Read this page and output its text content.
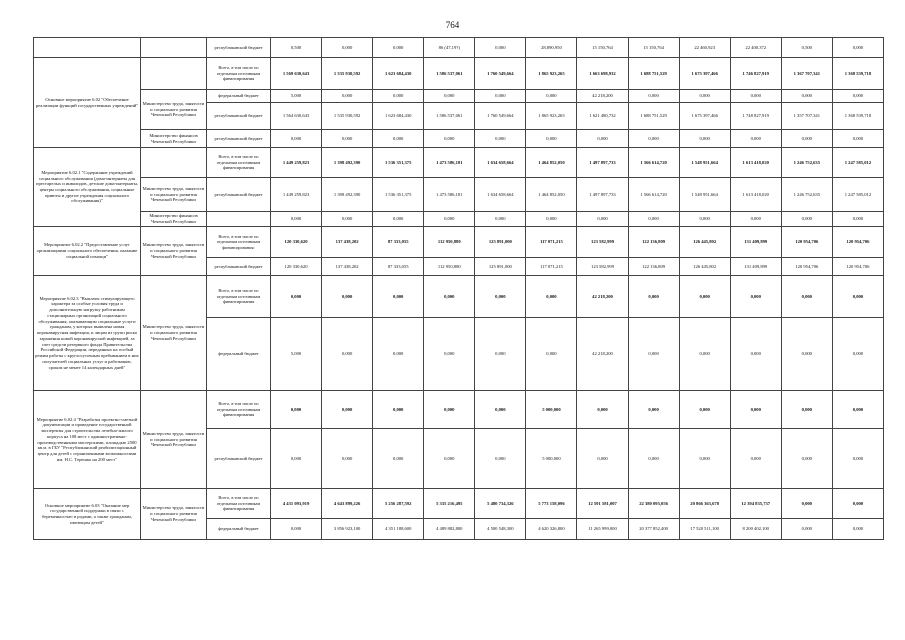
764
		республиканский бюджет	0,500	0,000	0,000	86 (47,19?)	0,000	28,890,950	15 150,764	15 150,764	22 460,923	22 400,372	0,500	0,000
Основное мероприятие 6.02 "Обеспечение реализации функций государственных учреждений"		Всего, в том числе по отдельным источникам финансирования	1 569 630,643	1 535 930,592	1 623 684,430	1 586 537,061	1 760 549,664	1 865 923,265	1 663 698,932	1 688 751,529	1 675 397,466	1 746 827,919	1 367 707,341	1 368 539,718
	Министерство труда, занятости и социального развития Чеченской Республики	федеральный бюджет	5,000	0,000	0,000	0,000	0,000	0,000	42 218,200	0,000	0,000	0,000	0,000	0,000
		республиканский бюджет	1 564 630,643	1 535 930,592	1 623 684,430	1 586 537,061	1 760 549,664	1 865 923,265	1 621 480,732	1 688 751,529	1 675 397,466	1 748 827,919	1 357 707,341	1 368 539,718
	Министерство финансов Чеченской Республики	республиканский бюджет	0,000	0,000	0,000	0,000	0,000	0,000	0,000	0,000	0,000	0,000	0,000	0,000
Мероприятие 6.02.1 "Содержание учреждений социального обслуживания (дома-интернаты для престарелых и инвалидов, детские дома-интернаты, центры социального обслуживания, социальные приюты и другие учреждения социального обслуживания)"		Всего, в том числе по отдельным источникам финансирования	1 449 259,823	1 398 492,390	1 536 351,375	1 473 586,181	1 634 658,664	1 464 852,050	1 497 897,733	1 566 614,720	1 548 951,664	1 613 418,020	1 246 752,635	1 247 585,012
	Министерство труда, занятости и социального развития Чеченской Республики	республиканский бюджет	1 449 259,823	1 398 492,390	1 536 351,375	1 473 586,181	1 634 658,664	1 464 852,050	1 497 897,733	1 566 614,720	1 548 951,664	1 613 418,020	1 246 752,635	1 247 585,012
	Министерство финансов Чеченской Республики		0,000	0,000	0,000	0,000	0,000	0,000	0,000	0,000	0,000	0,000	0,000	0,000
Мероприятие 6.02.2 "Предоставление услуг организациями социального обеспечения, оказание социальной помощи"	Министерство труда, занятости и социального развития Чеченской Республики	Всего, в том числе по отдельным источникам финансирования:	120 330,620	137 438,202	87 333,055	112 950,880	125 891,000	117 071,215	123 582,999	122 136,809	126 445,802	131 409,899	120 954,706	120 954,706
		республиканский бюджет	120 330,620	137 438,202	87 333,055	112 950,880	125 891,000	117 071,215	123 582,999	122 136,809	126 445,802	131 409,899	120 954,706	120 954,706
Мероприятие 6.02.3 "Выплаты стимулирующего характера за особые условия труда и дополнительную нагрузку работникам стационарных организаций социального обслуживания, оказывающим социальные услуги гражданам, у которых выявлена новая коронавирусная инфекция, и лицам из групп риска заражения новой коронавирусной инфекцией, за счет средств резервного фонда Правительства Российской Федерации, переданных на особый режим работы с круглосуточным пребыванием в них получателей социальных услуг и работников, сроком не менее 14 календарных дней"	Министерство труда, занятости и социального развития Чеченской Республики	Всего, в том числе по отдельным источникам финансирования	0,000	0,000	0,000	0,000	0,000	0,000	42 218,200	0,000	0,000	0,000	0,000	0,000
		федеральный бюджет	5,000	0,000	0,000	0,000	0,000	0,000	42 218,200	0,000	0,000	0,000	0,000	0,000
Мероприятие 6.02.4 "Разработка проектно-сметной документации и проведение государственной экспертизы для строительства лечебно-жилого корпуса на 108 мест с административно-производственными мастерскими, площадью 2500 кв.м. в ГБУ "Республиканский реабилитационный центр для детей с ограниченными возможностями им. Н.С. Терешко на 200 мест"	Министерство труда, занятости и социального развития Чеченской Республики	Всего, в том числе по отдельным источникам финансирования	0,000	0,000	0,000	0,000	0,000	5 000,000	0,000	0,000	0,000	0,000	0,000	0,000
		республиканский бюджет	0,000	0,000	0,000	0,000	0,000	5 000,000	0,000	0,000	0,000	0,000	0,000	0,000
Основное мероприятие 6.03 "Оказание мер государственной поддержки в связи с беременностью и родами, а также гражданам, имеющим детей"	Министерство труда, занятости и социального развития Чеченской Республики	Всего, в том числе по отдельным источникам финансирования	4 431 093,919	4 643 899,226	5 256 287,592	5 335 216,495	5 480 734,326	5 773 158,096	12 591 581,007	22 380 095,056	20 866 363,678	12 394 835,737	0,000	0,000
		федеральный бюджет	0,000	3 856 923,100	4 351 188,600	4 489 882,800	4 500 548,300	4 620 326,800	11 265 999,000	20 377 852,400	17 520 511,100	8 200 402,100	0,000	0,000
